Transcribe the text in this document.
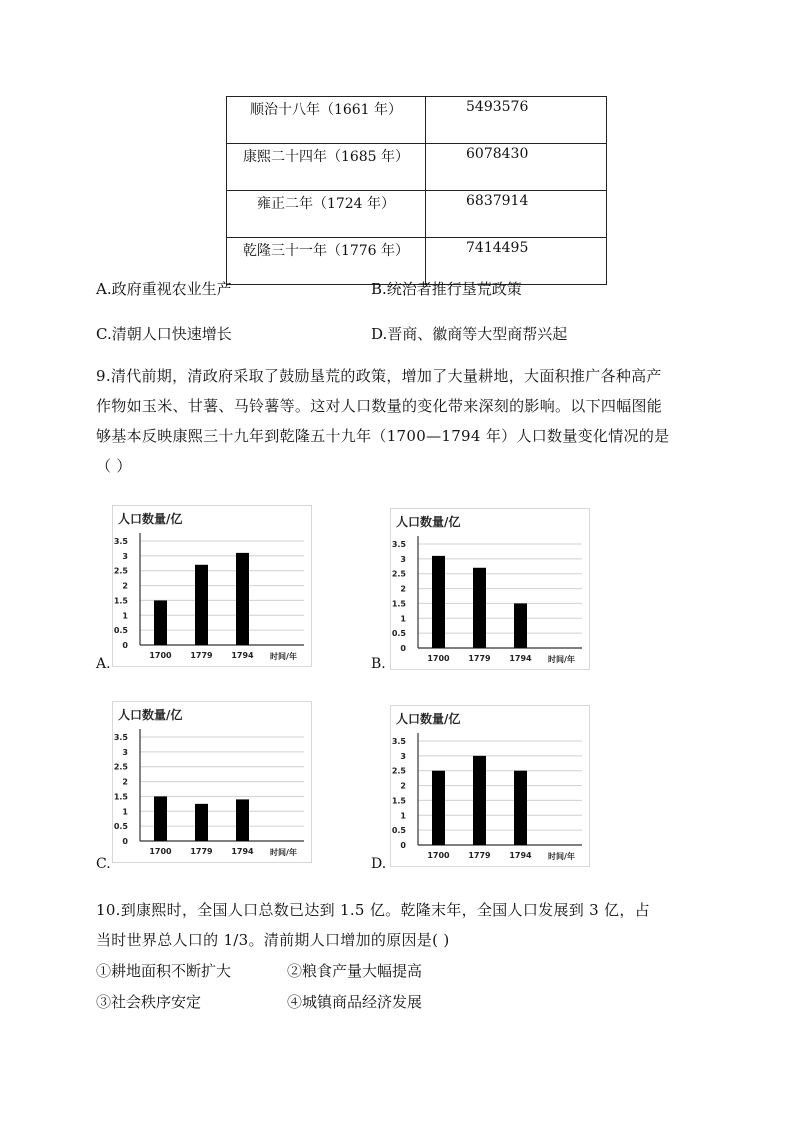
顺治十八年（1661 年）	5493576
康熙二十四年（1685 年）	6078430
雍正二年（1724 年）	6837914
乾隆三十一年（1776 年）	7414495
A.政府重视农业生产	B.统治者推行垦荒政策
C.清朝人口快速增长	D.晋商、徽商等大型商帮兴起
9.清代前期，清政府采取了鼓励垦荒的政策，增加了大量耕地，大面积推广各种高产
作物如玉米、甘薯、马铃薯等。这对人口数量的变化带来深刻的影响。以下四幅图能
够基本反映康熙三十九年到乾隆五十九年（1700—1794 年）人口数量变化情况的是
（ ）
A.
人口数量/亿
0
0.5
1
1.5
2
2.5
3
3.5
1700 1779 1794 时间/年	B.
人口数量/亿
0
0.5
1
1.5
2
2.5
3
3.5
1700 1779 1794 时间/年
C.
人口数量/亿
0
0.5
1
1.5
2
2.5
3
3.5
1700 1779 1794 时间/年
D.
人口数量/亿
0
0.5
1
1.5
2
2.5
3
3.5
1700 1779 1794 时间/年
10.到康熙时，全国人口总数已达到 1.5 亿。乾隆末年，全国人口发展到 3 亿，占
当时世界总人口的 1/3。清前期人口增加的原因是( )
①耕地面积不断扩大	②粮食产量大幅提高
③社会秩序安定	④城镇商品经济发展
